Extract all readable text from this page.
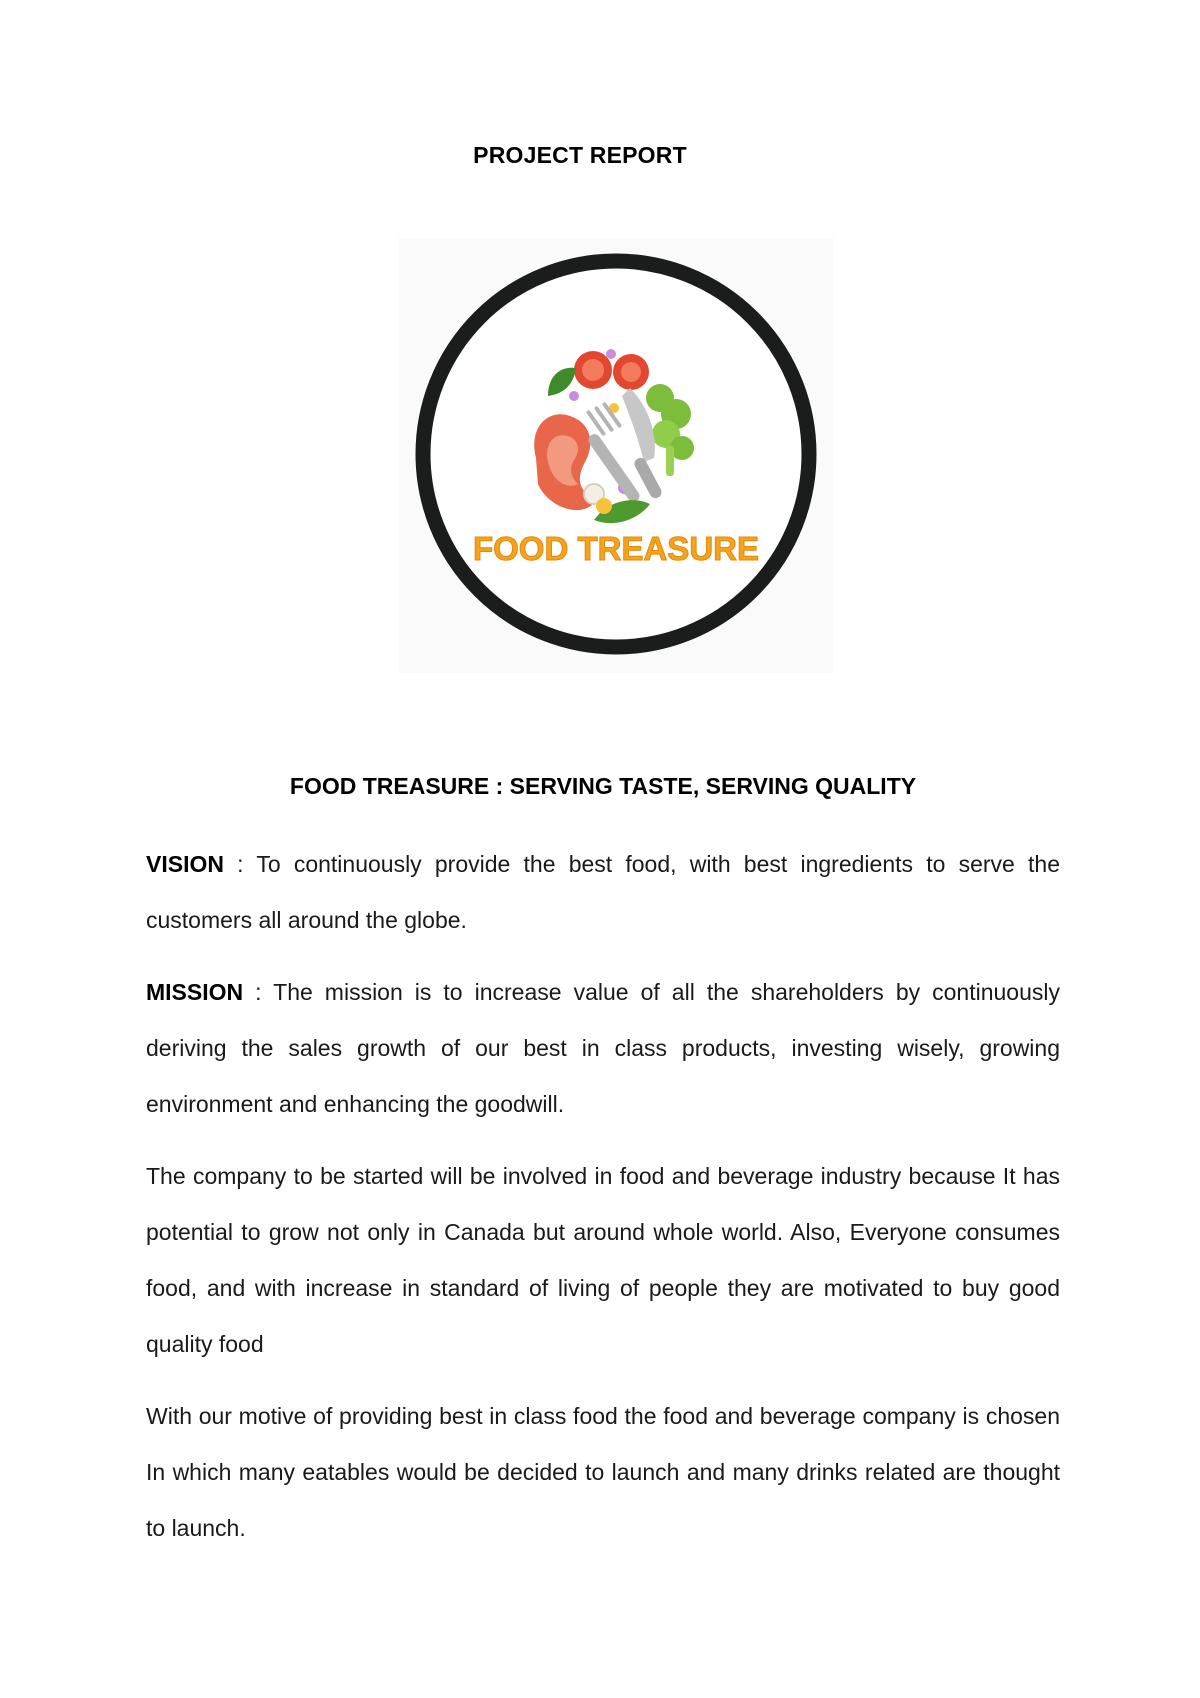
PROJECT REPORT
FOOD TREASURE
FOOD TREASURE : SERVING TASTE, SERVING QUALITY

VISION : To continuously provide the best food, with best ingredients to serve the customers all around the globe.

MISSION : The mission is to increase value of all the shareholders by continuously deriving the sales growth of our best in class products, investing wisely, growing environment and enhancing the goodwill.

The company to be started will be involved in food and beverage industry because It has potential to grow not only in Canada but around whole world. Also, Everyone consumes food, and with increase in standard of living of people they are motivated to buy good quality food

With our motive of providing best in class food the food and beverage company is chosen In which many eatables would be decided to launch and many drinks related are thought to launch.
